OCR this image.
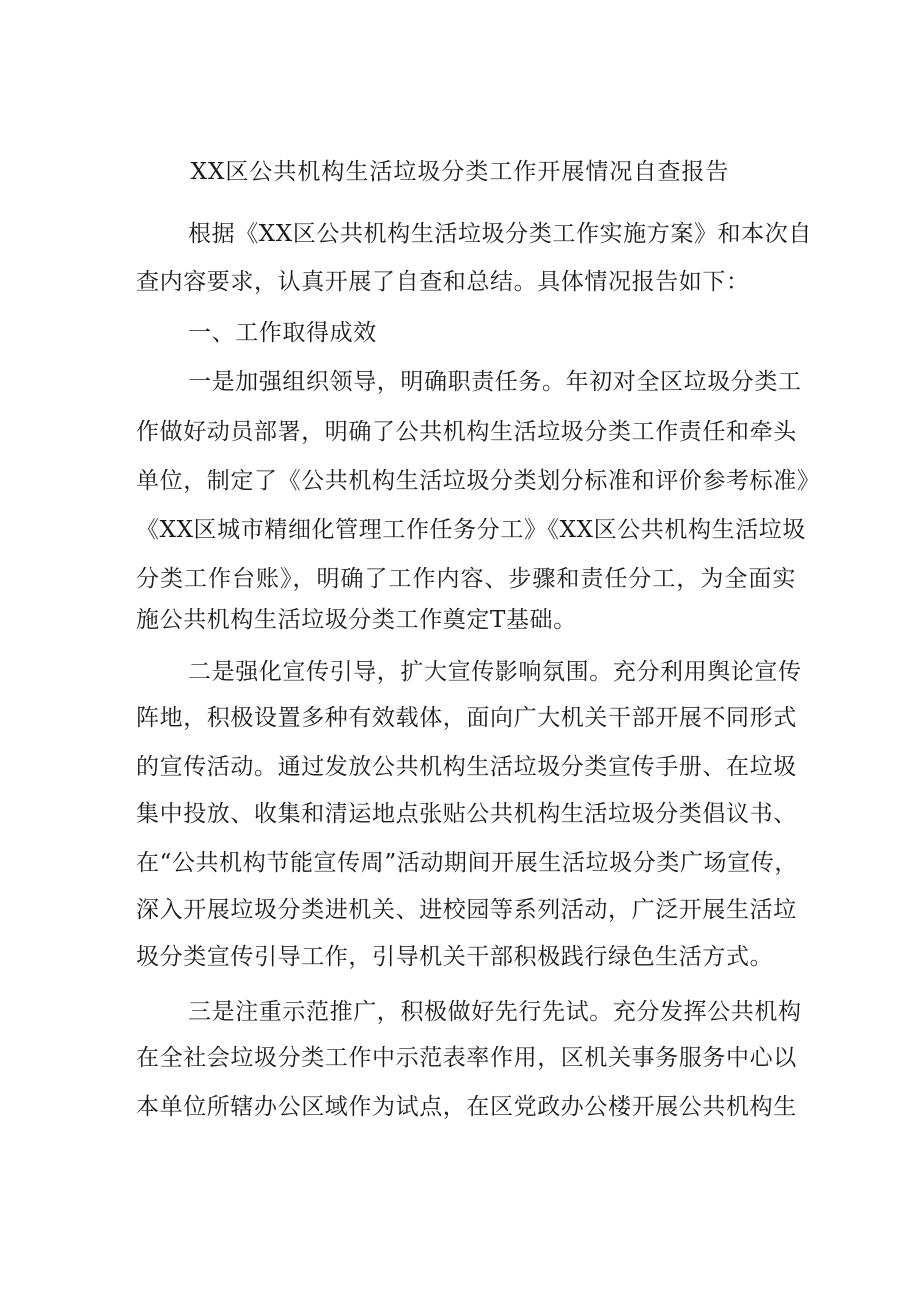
XX区公共机构生活垃圾分类工作开展情况自查报告
根据《XX区公共机构生活垃圾分类工作实施方案》和本次自
查内容要求，认真开展了自查和总结。具体情况报告如下：
一、工作取得成效
一是加强组织领导，明确职责任务。年初对全区垃圾分类工
作做好动员部署，明确了公共机构生活垃圾分类工作责任和牵头
单位，制定了《公共机构生活垃圾分类划分标准和评价参考标准》
《XX区城市精细化管理工作任务分工》《XX区公共机构生活垃圾
分类工作台账》，明确了工作内容、步骤和责任分工，为全面实
施公共机构生活垃圾分类工作奠定T基础。
二是强化宣传引导，扩大宣传影响氛围。充分利用舆论宣传
阵地，积极设置多种有效载体，面向广大机关干部开展不同形式
的宣传活动。通过发放公共机构生活垃圾分类宣传手册、在垃圾
集中投放、收集和清运地点张贴公共机构生活垃圾分类倡议书、
在“公共机构节能宣传周”活动期间开展生活垃圾分类广场宣传，
深入开展垃圾分类进机关、进校园等系列活动，广泛开展生活垃
圾分类宣传引导工作，引导机关干部积极践行绿色生活方式。
三是注重示范推广，积极做好先行先试。充分发挥公共机构
在全社会垃圾分类工作中示范表率作用，区机关事务服务中心以
本单位所辖办公区域作为试点，在区党政办公楼开展公共机构生
